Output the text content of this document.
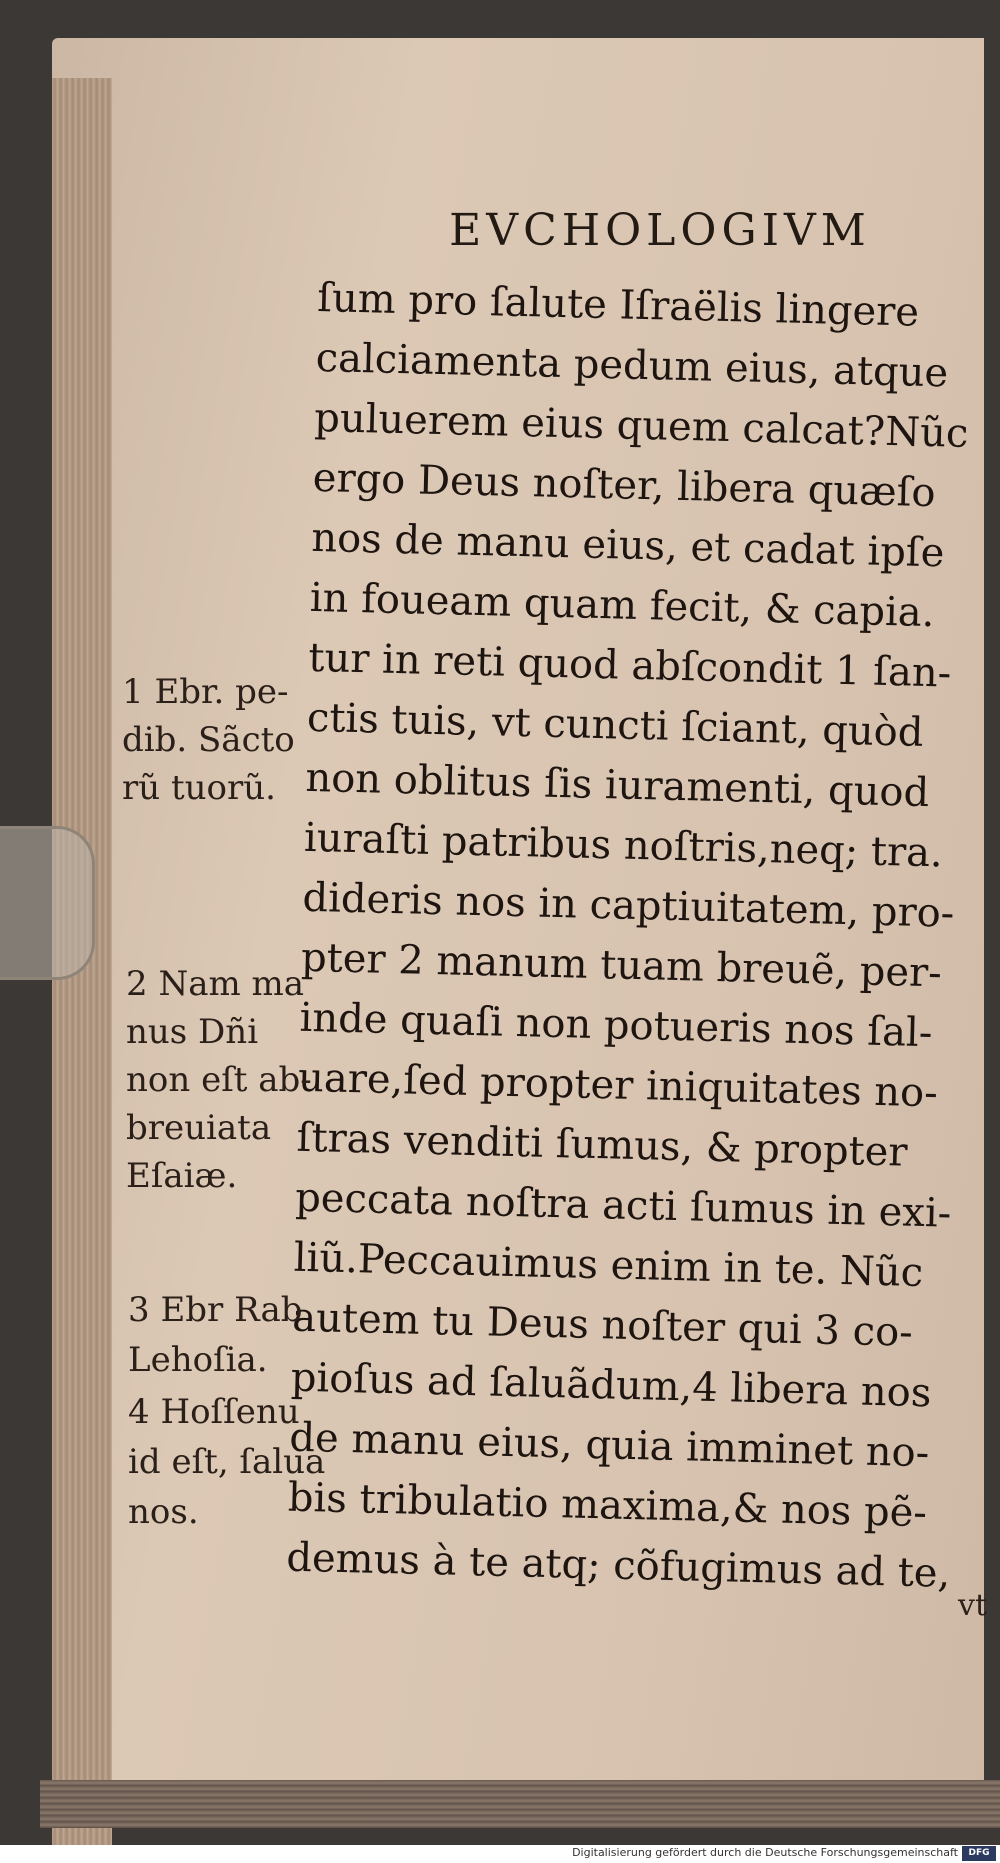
EVCHOLOGIVM
ſum pro ſalute Iſraëlis lingere
calciamenta pedum eius, atque
puluerem eius quem calcat?Nũc
ergo Deus noſter, libera quæſo
nos de manu eius, et cadat ipſe
in foueam quam fecit, & capia.
tur in reti quod abſcondit 1 ſan-
ctis tuis, vt cuncti ſciant, quòd
non oblitus ſis iuramenti, quod
iuraſti patribus noſtris,neq; tra.
dideris nos in captiuitatem, pro-
pter 2 manum tuam breuẽ, per-
inde quaſi non potueris nos ſal-
uare,ſed propter iniquitates no-
ſtras venditi ſumus, & propter
peccata noſtra acti ſumus in exi-
liũ.Peccauimus enim in te. Nũc
autem tu Deus noſter qui 3 co-
pioſus ad ſaluãdum,4 libera nos
de manu eius, quia imminet no-
bis tribulatio maxima,& nos pẽ-
demus à te atq; cõfugimus ad te,
1 Ebr. pe-
dib. Sãcto
rũ tuorũ.
2 Nam ma
nus Dñi
non eſt ab-
breuiata
Eſaiæ.
3 Ebr Rab
Lehoſia.
4 Hoſſenu
id eſt, ſalua
nos.
vt
Digitalisierung gefördert durch die Deutsche Forschungsgemeinschaft	DFG
